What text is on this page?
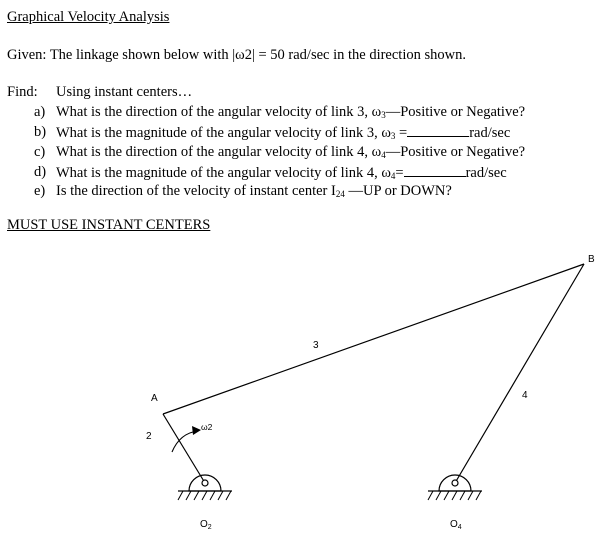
Graphical Velocity Analysis
Given: The linkage shown below with |ω2| = 50 rad/sec in the direction shown.
Find: Using instant centers…
a) What is the direction of the angular velocity of link 3, $\omega_3—Positive$ or Negative?
b) What is the magnitude of the angular velocity of link 3, $\omega_3$ =	rad/sec
c) What is the direction of the angular velocity of link 4, $\omega_4—Positive$ or Negative?
d) What is the magnitude of the angular velocity of link 4, $\omega_4=$	rad/sec
e) Is the direction of the velocity of instant center $I_{24}$ —UP or DOWN?
MUST USE INSTANT CENTERS
A
B
2
3
4
ω2
$O_2$	$O_4$
